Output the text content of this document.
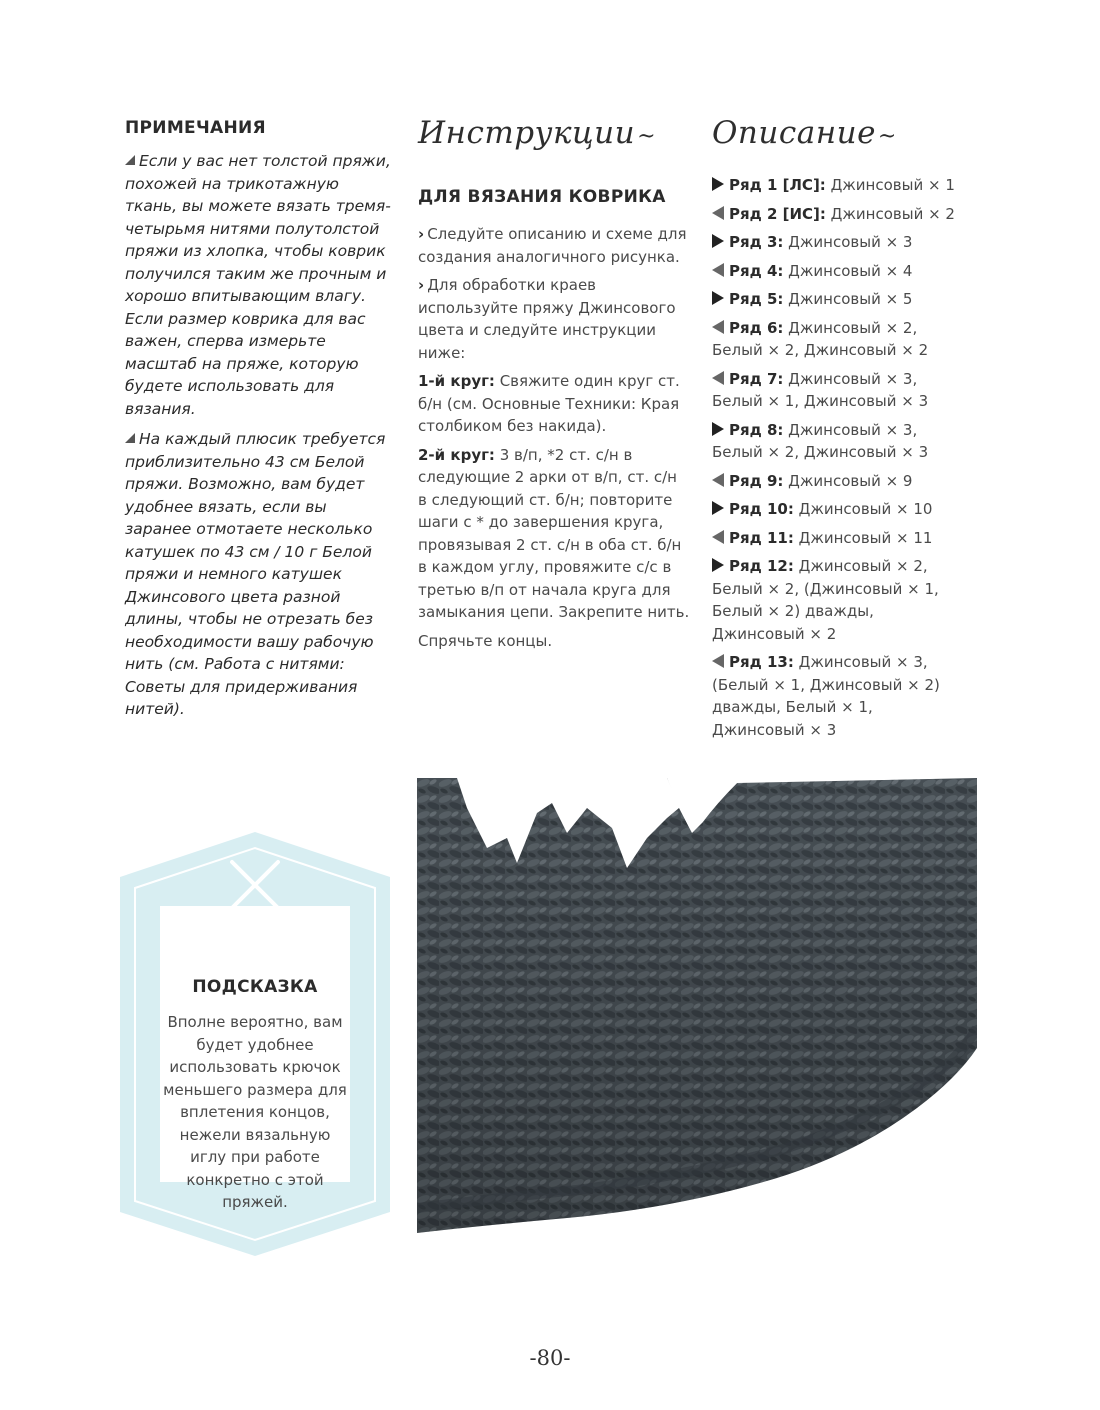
ПРИМЕЧАНИЯ

Если у вас нет толстой пряжи, похожей на трикотажную ткань, вы можете вязать тремя-четырьмя нитями полутолстой пряжи из хлопка, чтобы коврик получился таким же прочным и хорошо впитывающим влагу. Если размер коврика для вас важен, сперва измерьте масштаб на пряже, которую будете использовать для вязания.

На каждый плюсик требуется приблизительно 43 см Белой пряжи. Возможно, вам будет удобнее вязать, если вы заранее отмотаете несколько катушек по 43 см / 10 г Белой пряжи и немного катушек Джинсового цвета разной длины, чтобы не отрезать без необходимости вашу рабочую нить (см. Работа с нитями: Советы для придерживания нитей).

Инструкции ~
ДЛЯ ВЯЗАНИЯ КОВРИКА

› Следуйте описанию и схеме для создания аналогичного рисунка.

› Для обработки краев используйте пряжу Джинсового цвета и следуйте инструкции ниже:

1-й круг: Свяжите один круг ст. б/н (см. Основные Техники: Края столбиком без накида).

2-й круг: 3 в/п, *2 ст. с/н в следующие 2 арки от в/п, ст. с/н в следующий ст. б/н; повторите шаги с * до завершения круга, провязывая 2 ст. с/н в оба ст. б/н в каждом углу, провяжите с/с в третью в/п от начала круга для замыкания цепи. Закрепите нить.

Спрячьте концы.

Описание ~

Ряд 1 [ЛС]: Джинсовый × 1

Ряд 2 [ИС]: Джинсовый × 2

Ряд 3: Джинсовый × 3

Ряд 4: Джинсовый × 4

Ряд 5: Джинсовый × 5

Ряд 6: Джинсовый × 2, Белый × 2, Джинсовый × 2

Ряд 7: Джинсовый × 3, Белый × 1, Джинсовый × 3

Ряд 8: Джинсовый × 3, Белый × 2, Джинсовый × 3

Ряд 9: Джинсовый × 9

Ряд 10: Джинсовый × 10

Ряд 11: Джинсовый × 11

Ряд 12: Джинсовый × 2, Белый × 2, (Джинсовый × 1, Белый × 2) дважды, Джинсовый × 2

Ряд 13: Джинсовый × 3, (Белый × 1, Джинсовый × 2) дважды, Белый × 1, Джинсовый × 3

ПОДСКАЗКА
Вполне вероятно, вам будет удобнее использовать крючок меньшего размера для вплетения концов, нежели вязальную иглу при работе конкретно с этой пряжей.
-80-
